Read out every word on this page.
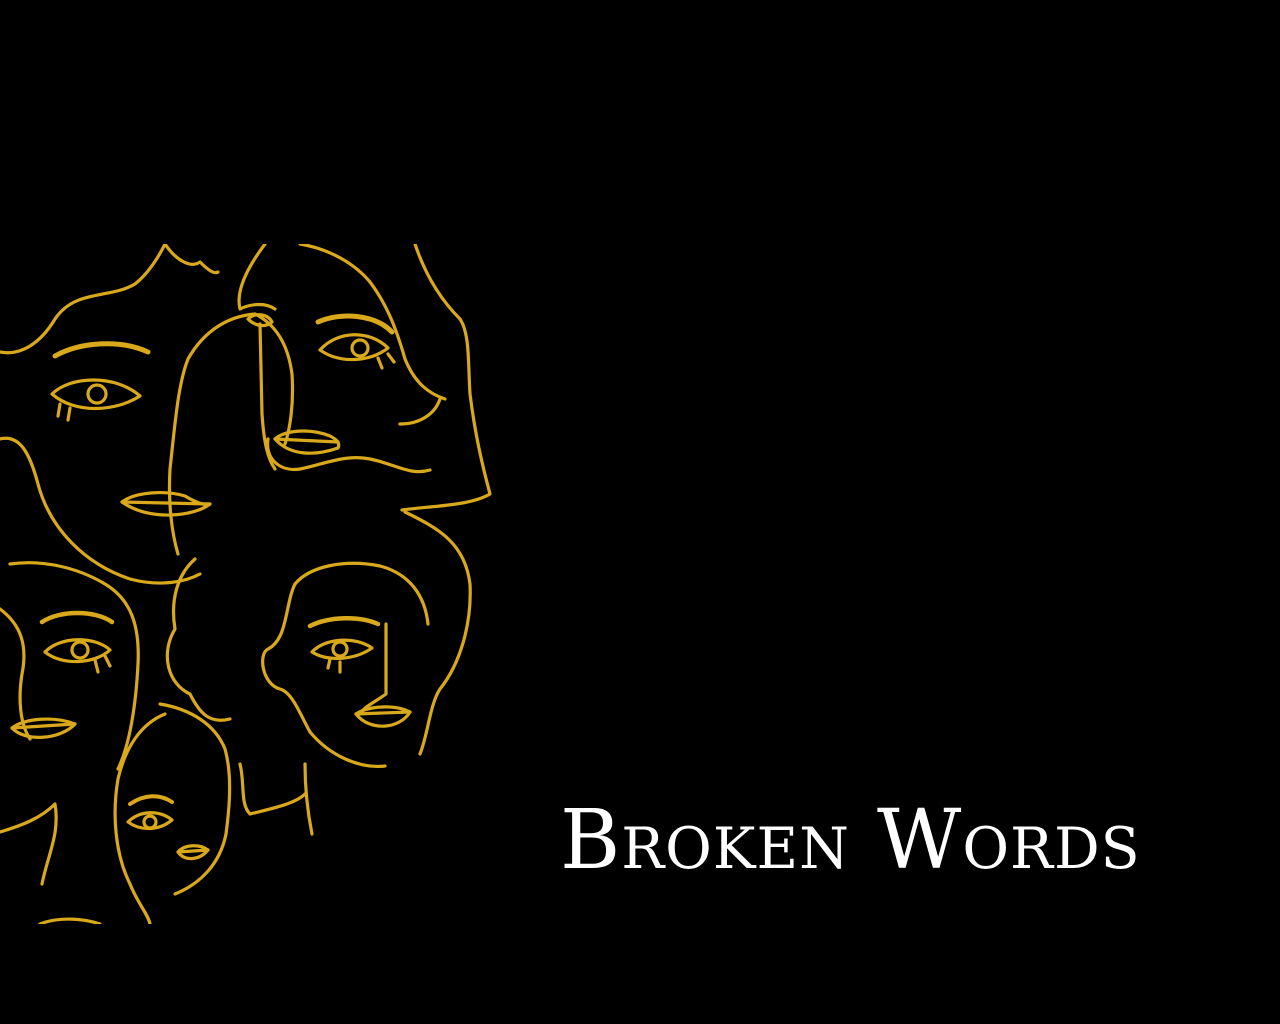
Broken Words
